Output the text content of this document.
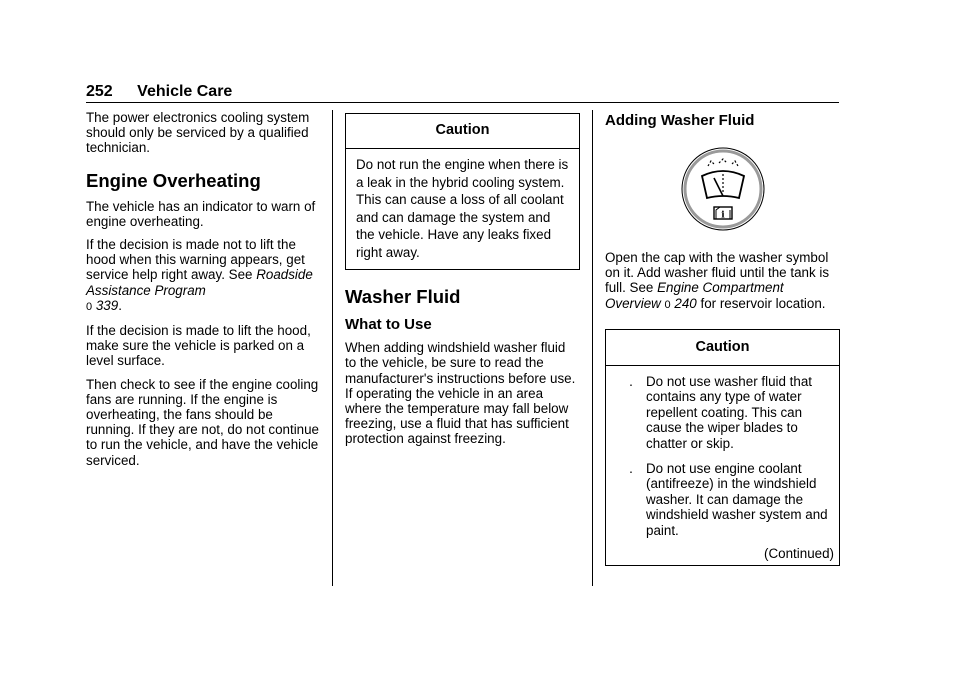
252 Vehicle Care

The power electronics cooling system should only be serviced by a qualified technician.

Engine Overheating

The vehicle has an indicator to warn of engine overheating.

If the decision is made not to lift the hood when this warning appears, get service help right away. See Roadside Assistance Program
0 339.

If the decision is made to lift the hood, make sure the vehicle is parked on a level surface.

Then check to see if the engine cooling fans are running. If the engine is overheating, the fans should be running. If they are not, do not continue to run the vehicle, and have the vehicle serviced.

Caution
Do not run the engine when there is a leak in the hybrid cooling system. This can cause a loss of all coolant and can damage the system and the vehicle. Have any leaks fixed right away.
Washer Fluid
What to Use

When adding windshield washer fluid to the vehicle, be sure to read the manufacturer's instructions before use. If operating the vehicle in an area where the temperature may fall below freezing, use a fluid that has sufficient protection against freezing.

Adding Washer Fluid
i

Open the cap with the washer symbol on it. Add washer fluid until the tank is full. See Engine Compartment Overview 0 240 for reservoir location.

Caution
. Do not use washer fluid that contains any type of water repellent coating. This can cause the wiper blades to chatter or skip.
. Do not use engine coolant (antifreeze) in the windshield washer. It can damage the windshield washer system and paint.
(Continued)
